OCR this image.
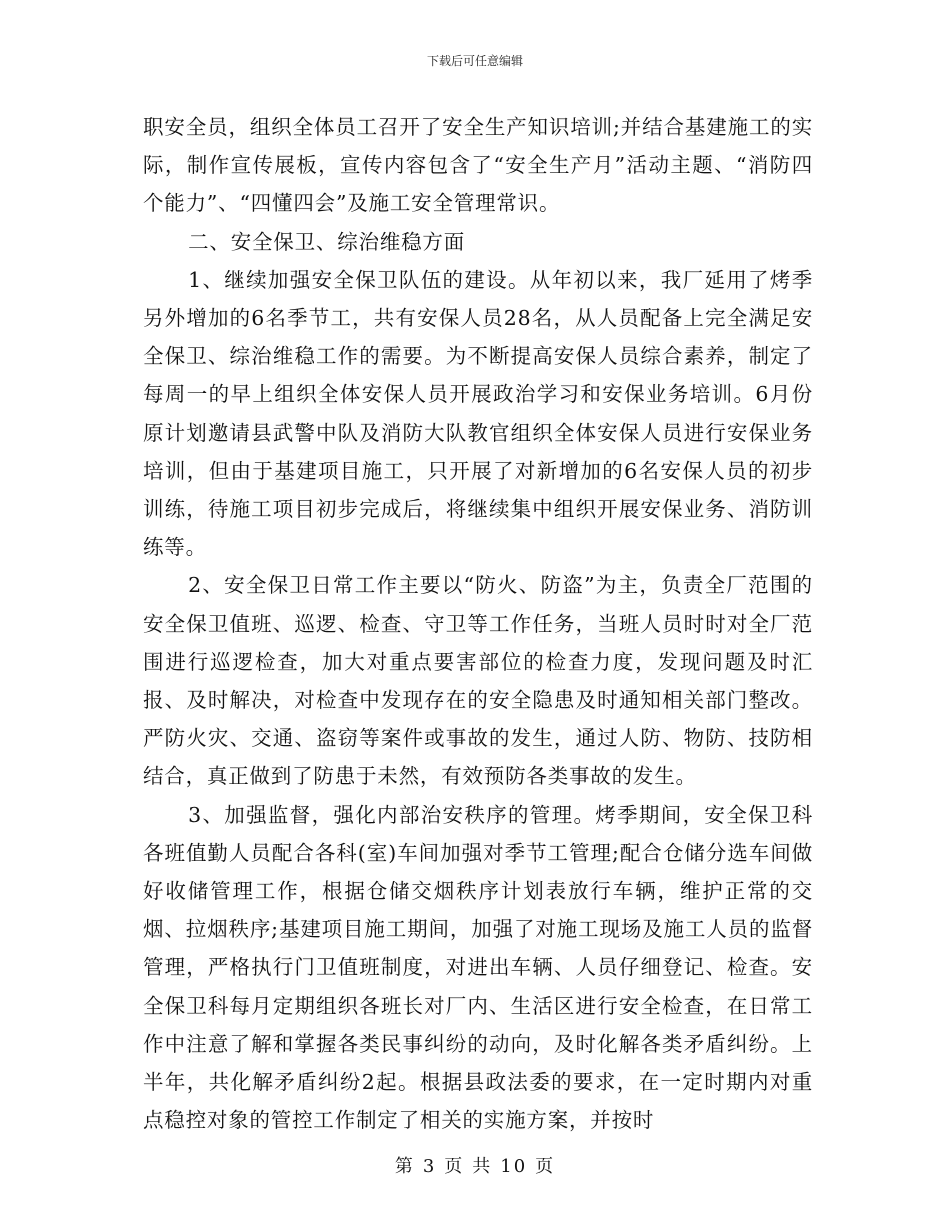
下载后可任意编辑

职安全员，组织全体员工召开了安全生产知识培训;并结合基建施工的实际，制作宣传展板，宣传内容包含了“安全生产月”活动主题、“消防四个能力”、“四懂四会”及施工安全管理常识。

二、安全保卫、综治维稳方面

1、继续加强安全保卫队伍的建设。从年初以来，我厂延用了烤季另外增加的6名季节工，共有安保人员28名，从人员配备上完全满足安全保卫、综治维稳工作的需要。为不断提高安保人员综合素养，制定了每周一的早上组织全体安保人员开展政治学习和安保业务培训。6月份原计划邀请县武警中队及消防大队教官组织全体安保人员进行安保业务培训，但由于基建项目施工，只开展了对新增加的6名安保人员的初步训练，待施工项目初步完成后，将继续集中组织开展安保业务、消防训练等。

2、安全保卫日常工作主要以“防火、防盗”为主，负责全厂范围的安全保卫值班、巡逻、检查、守卫等工作任务，当班人员时时对全厂范围进行巡逻检查，加大对重点要害部位的检查力度，发现问题及时汇报、及时解决，对检查中发现存在的安全隐患及时通知相关部门整改。严防火灾、交通、盗窃等案件或事故的发生，通过人防、物防、技防相结合，真正做到了防患于未然，有效预防各类事故的发生。

3、加强监督，强化内部治安秩序的管理。烤季期间，安全保卫科各班值勤人员配合各科(室)车间加强对季节工管理;配合仓储分选车间做好收储管理工作，根据仓储交烟秩序计划表放行车辆，维护正常的交烟、拉烟秩序;基建项目施工期间，加强了对施工现场及施工人员的监督管理，严格执行门卫值班制度，对进出车辆、人员仔细登记、检查。安全保卫科每月定期组织各班长对厂内、生活区进行安全检查，在日常工作中注意了解和掌握各类民事纠纷的动向，及时化解各类矛盾纠纷。上半年，共化解矛盾纠纷2起。根据县政法委的要求，在一定时期内对重点稳控对象的管控工作制定了相关的实施方案，并按时

第 3 页 共 10 页
